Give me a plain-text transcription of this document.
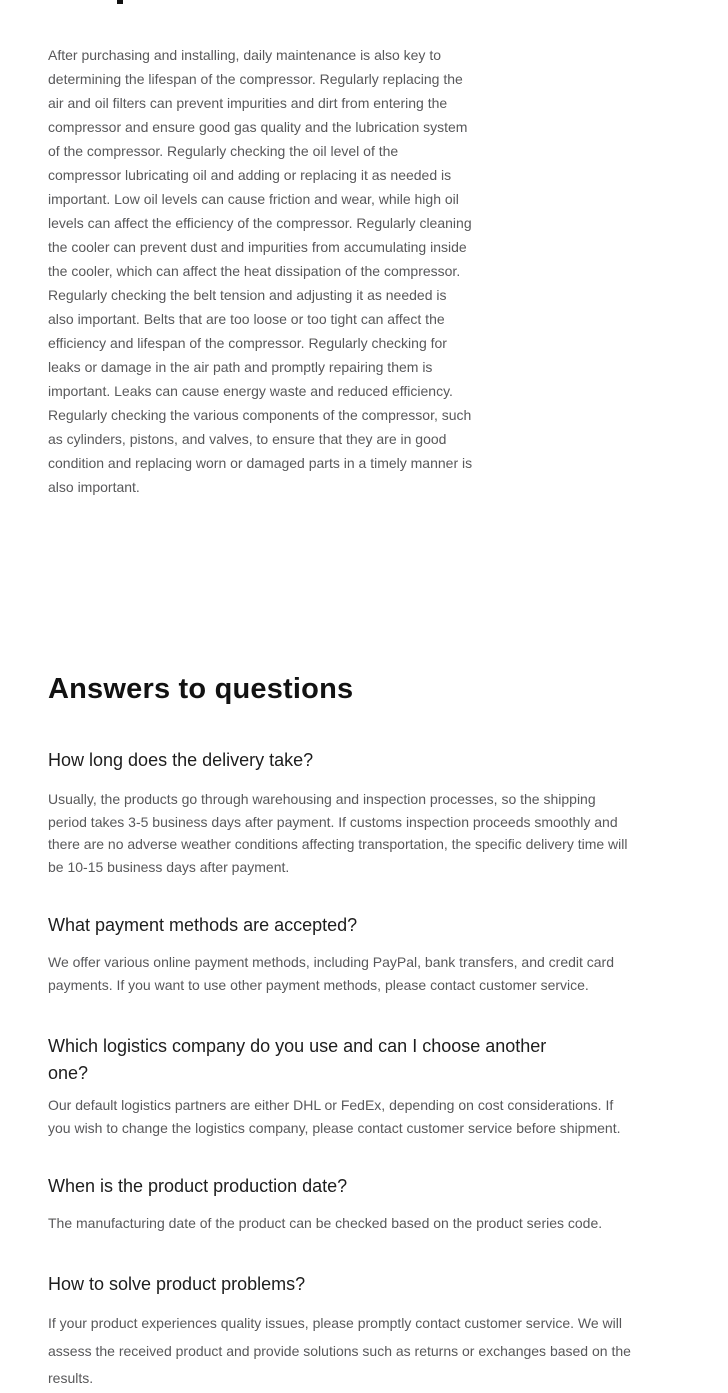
After purchasing and installing, daily maintenance is also key to determining the lifespan of the compressor. Regularly replacing the air and oil filters can prevent impurities and dirt from entering the compressor and ensure good gas quality and the lubrication system of the compressor. Regularly checking the oil level of the compressor lubricating oil and adding or replacing it as needed is important. Low oil levels can cause friction and wear, while high oil levels can affect the efficiency of the compressor. Regularly cleaning the cooler can prevent dust and impurities from accumulating inside the cooler, which can affect the heat dissipation of the compressor. Regularly checking the belt tension and adjusting it as needed is also important. Belts that are too loose or too tight can affect the efficiency and lifespan of the compressor. Regularly checking for leaks or damage in the air path and promptly repairing them is important. Leaks can cause energy waste and reduced efficiency. Regularly checking the various components of the compressor, such as cylinders, pistons, and valves, to ensure that they are in good condition and replacing worn or damaged parts in a timely manner is also important.

Answers to questions
How long does the delivery take?

Usually, the products go through warehousing and inspection processes, so the shipping period takes 3-5 business days after payment. If customs inspection proceeds smoothly and there are no adverse weather conditions affecting transportation, the specific delivery time will be 10-15 business days after payment.

What payment methods are accepted?

We offer various online payment methods, including PayPal, bank transfers, and credit card payments. If you want to use other payment methods, please contact customer service.

Which logistics company do you use and can I choose another one?

Our default logistics partners are either DHL or FedEx, depending on cost considerations. If you wish to change the logistics company, please contact customer service before shipment.

When is the product production date?

The manufacturing date of the product can be checked based on the product series code.

How to solve product problems?

If your product experiences quality issues, please promptly contact customer service. We will assess the received product and provide solutions such as returns or exchanges based on the results.
